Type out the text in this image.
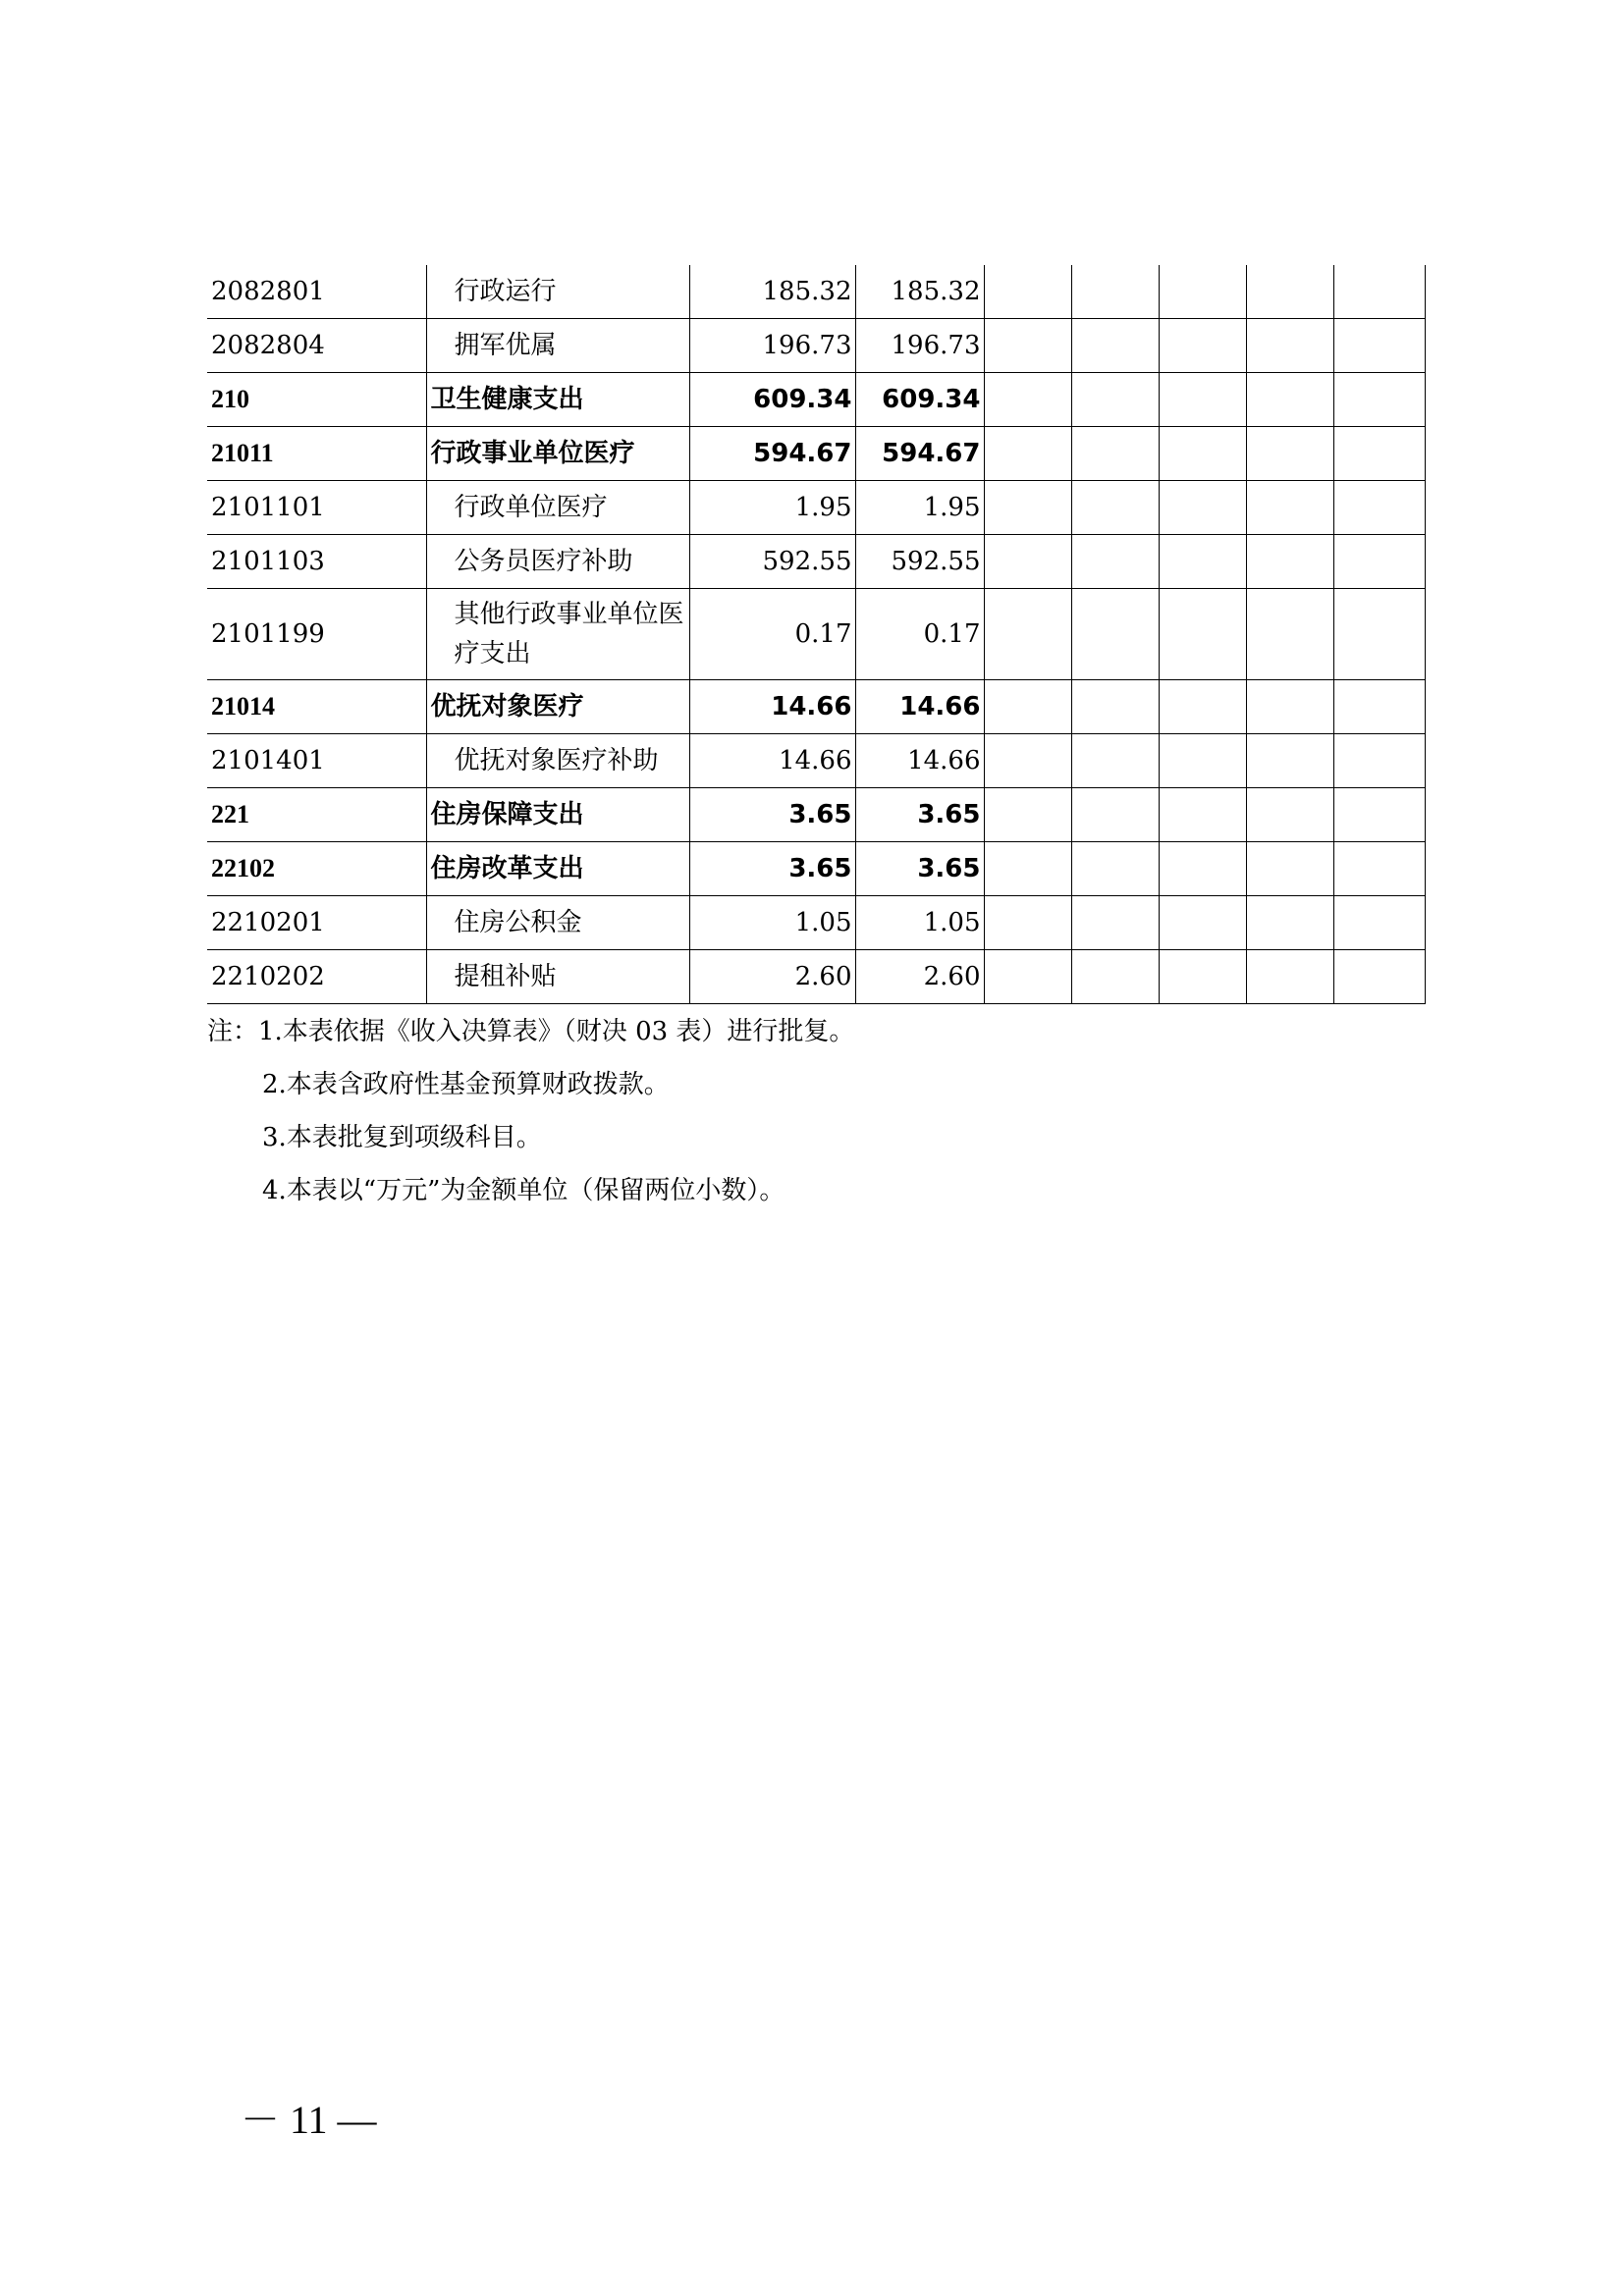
2082801	行政运行	185.32	185.32					
2082804	拥军优属	196.73	196.73					
210	卫生健康支出	609.34	609.34					
21011	行政事业单位医疗	594.67	594.67					
2101101	行政单位医疗	1.95	1.95					
2101103	公务员医疗补助	592.55	592.55					
2101199	其他行政事业单位医疗支出	0.17	0.17					
21014	优抚对象医疗	14.66	14.66					
2101401	优抚对象医疗补助	14.66	14.66					
221	住房保障支出	3.65	3.65					
22102	住房改革支出	3.65	3.65					
2210201	住房公积金	1.05	1.05					
2210202	提租补贴	2.60	2.60					
注：1.本表依据《收入决算表》（财决 03 表）进行批复。
2.本表含政府性基金预算财政拨款。
3.本表批复到项级科目。
4.本表以“万元”为金额单位（保留两位小数）。
－ 11 —
